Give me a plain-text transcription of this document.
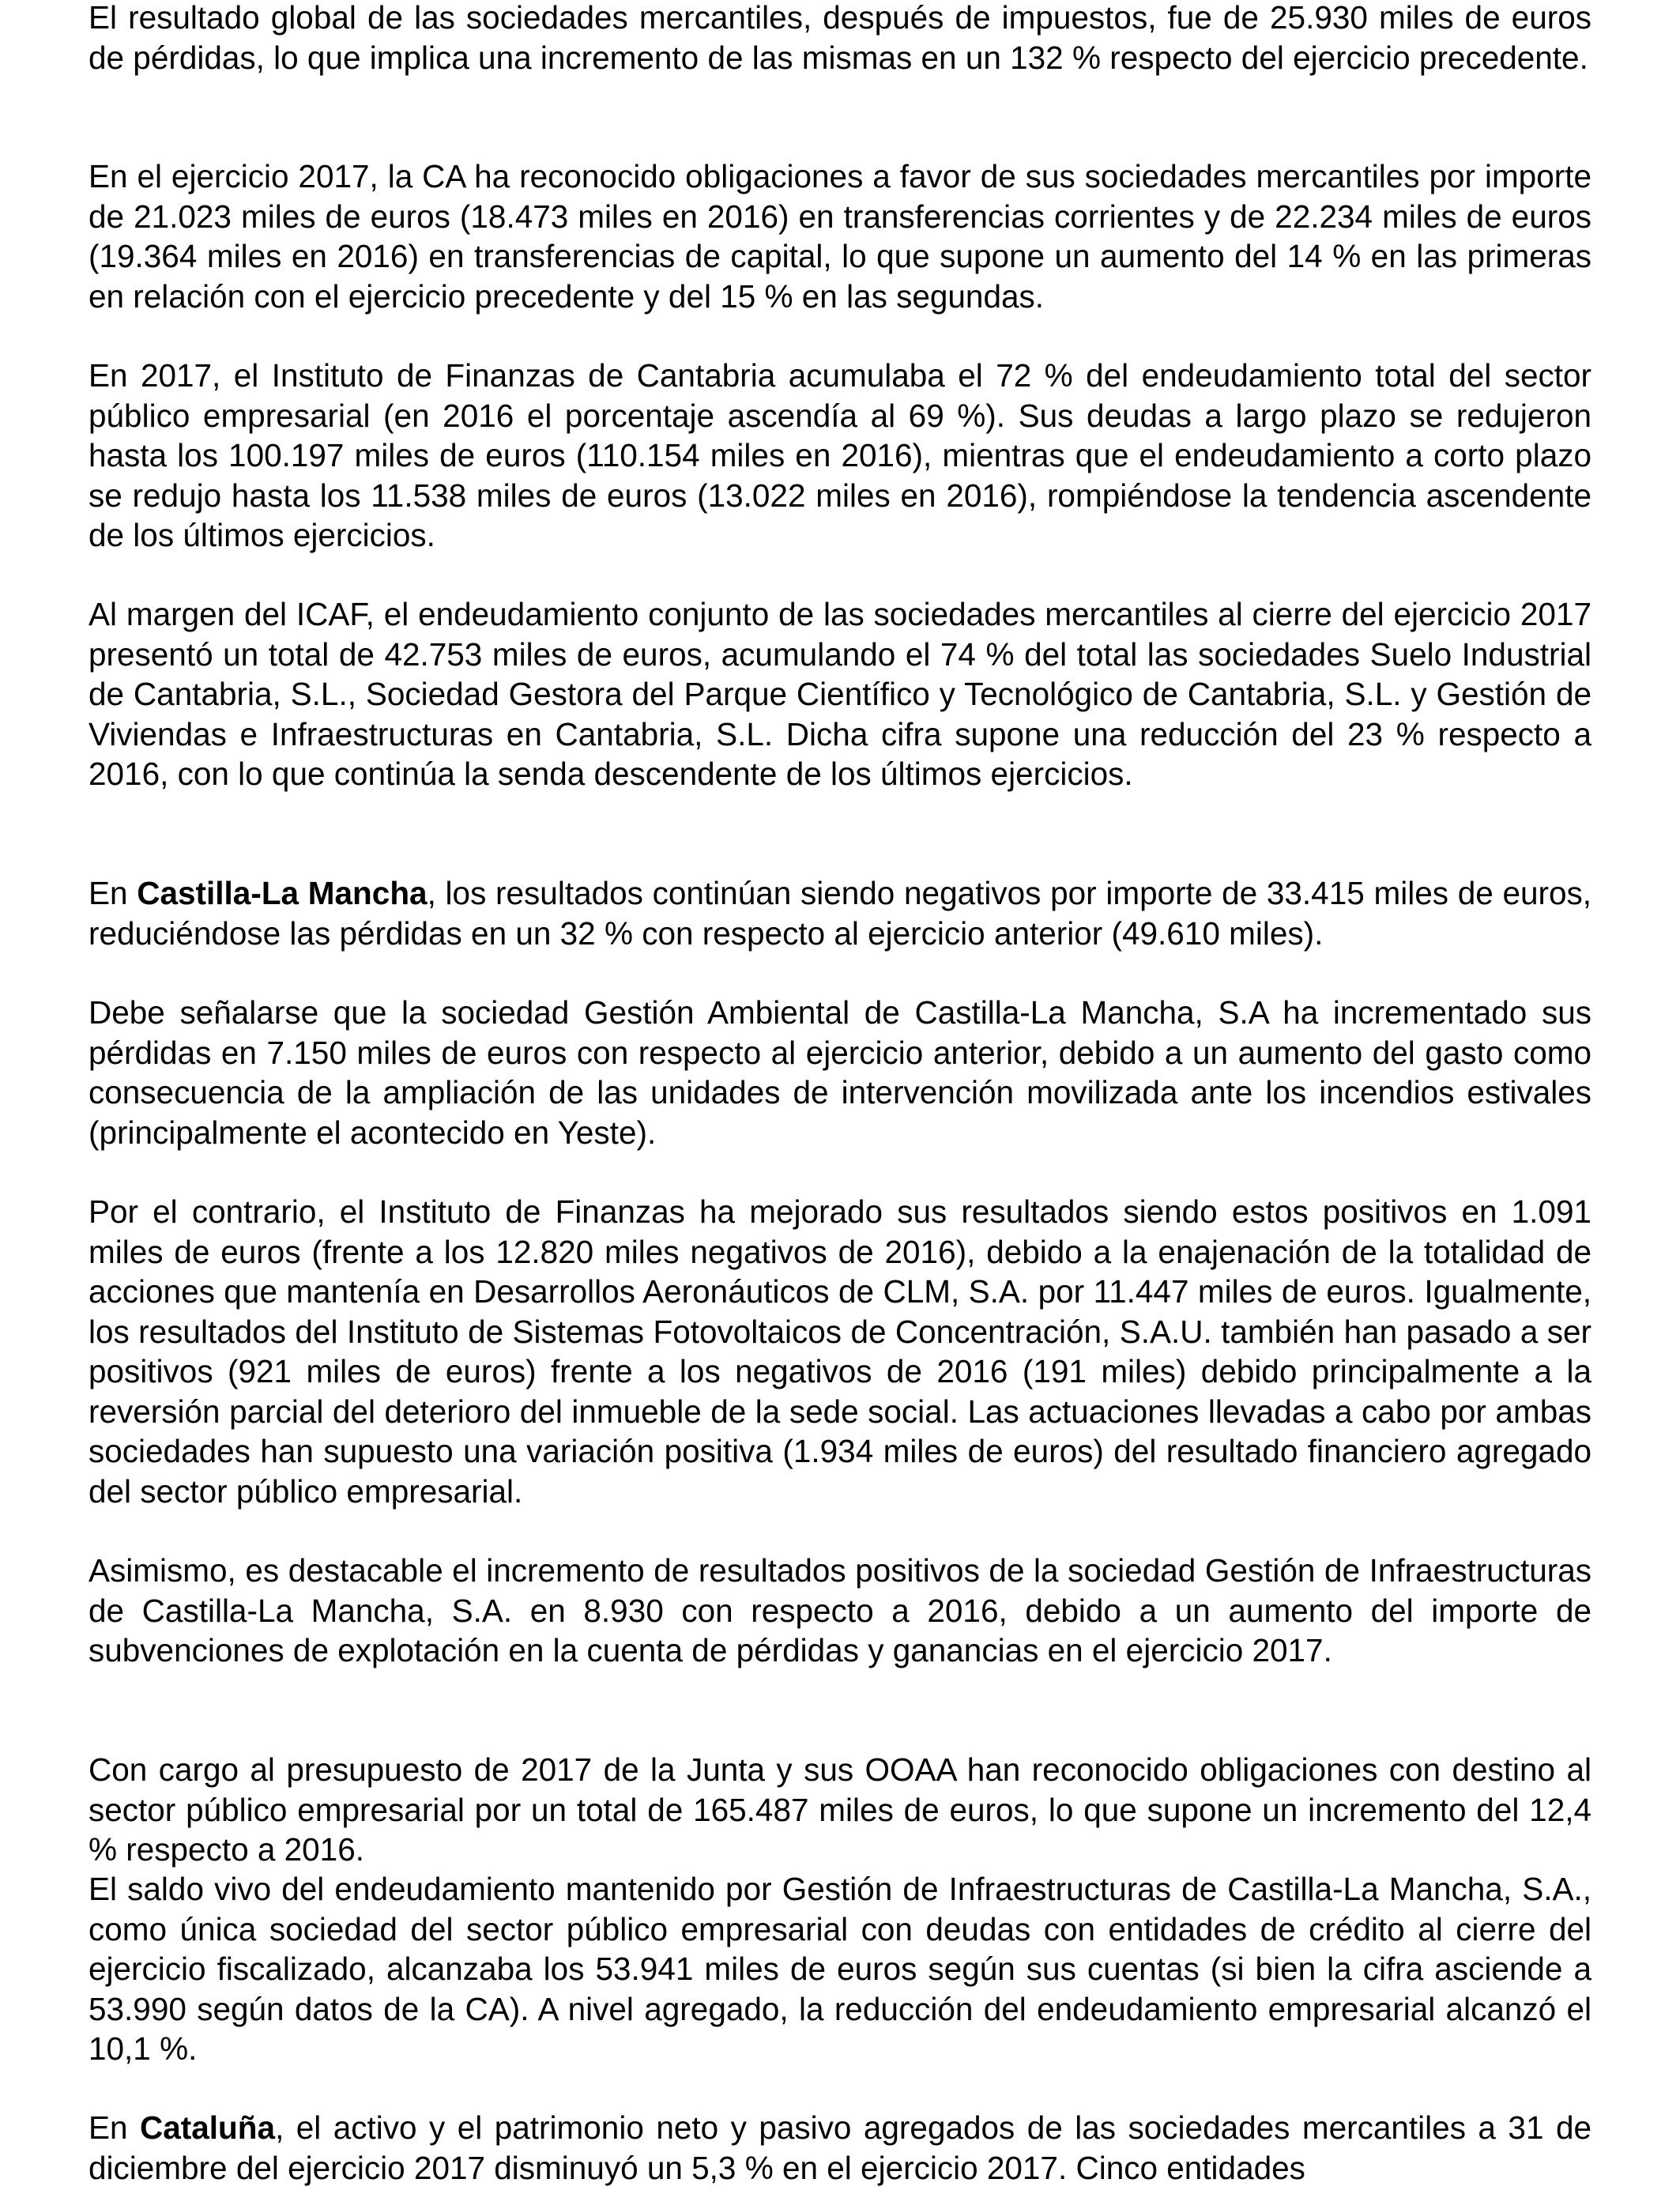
El resultado global de las sociedades mercantiles, después de impuestos, fue de 25.930 miles de euros de pérdidas, lo que implica una incremento de las mismas en un 132 % respecto del ejercicio precedente.

En el ejercicio 2017, la CA ha reconocido obligaciones a favor de sus sociedades mercantiles por importe de 21.023 miles de euros (18.473 miles en 2016) en transferencias corrientes y de 22.234 miles de euros (19.364 miles en 2016) en transferencias de capital, lo que supone un aumento del 14 % en las primeras en relación con el ejercicio precedente y del 15 % en las segundas.

En 2017, el Instituto de Finanzas de Cantabria acumulaba el 72 % del endeudamiento total del sector público empresarial (en 2016 el porcentaje ascendía al 69 %). Sus deudas a largo plazo se redujeron hasta los 100.197 miles de euros (110.154 miles en 2016), mientras que el endeudamiento a corto plazo se redujo hasta los 11.538 miles de euros (13.022 miles en 2016), rompiéndose la tendencia ascendente de los últimos ejercicios.

Al margen del ICAF, el endeudamiento conjunto de las sociedades mercantiles al cierre del ejercicio 2017 presentó un total de 42.753 miles de euros, acumulando el 74 % del total las sociedades Suelo Industrial de Cantabria, S.L., Sociedad Gestora del Parque Científico y Tecnológico de Cantabria, S.L. y Gestión de Viviendas e Infraestructuras en Cantabria, S.L. Dicha cifra supone una reducción del 23 % respecto a 2016, con lo que continúa la senda descendente de los últimos ejercicios.

En Castilla-La Mancha, los resultados continúan siendo negativos por importe de 33.415 miles de euros, reduciéndose las pérdidas en un 32 % con respecto al ejercicio anterior (49.610 miles).

Debe señalarse que la sociedad Gestión Ambiental de Castilla-La Mancha, S.A ha incrementado sus pérdidas en 7.150 miles de euros con respecto al ejercicio anterior, debido a un aumento del gasto como consecuencia de la ampliación de las unidades de intervención movilizada ante los incendios estivales (principalmente el acontecido en Yeste).

Por el contrario, el Instituto de Finanzas ha mejorado sus resultados siendo estos positivos en 1.091 miles de euros (frente a los 12.820 miles negativos de 2016), debido a la enajenación de la totalidad de acciones que mantenía en Desarrollos Aeronáuticos de CLM, S.A. por 11.447 miles de euros. Igualmente, los resultados del Instituto de Sistemas Fotovoltaicos de Concentración, S.A.U. también han pasado a ser positivos (921 miles de euros) frente a los negativos de 2016 (191 miles) debido principalmente a la reversión parcial del deterioro del inmueble de la sede social. Las actuaciones llevadas a cabo por ambas sociedades han supuesto una variación positiva (1.934 miles de euros) del resultado financiero agregado del sector público empresarial.

Asimismo, es destacable el incremento de resultados positivos de la sociedad Gestión de Infraestructuras de Castilla-La Mancha, S.A. en 8.930 con respecto a 2016, debido a un aumento del importe de subvenciones de explotación en la cuenta de pérdidas y ganancias en el ejercicio 2017.

Con cargo al presupuesto de 2017 de la Junta y sus OOAA han reconocido obligaciones con destino al sector público empresarial por un total de 165.487 miles de euros, lo que supone un incremento del 12,4 % respecto a 2016.

El saldo vivo del endeudamiento mantenido por Gestión de Infraestructuras de Castilla-La Mancha, S.A., como única sociedad del sector público empresarial con deudas con entidades de crédito al cierre del ejercicio fiscalizado, alcanzaba los 53.941 miles de euros según sus cuentas (si bien la cifra asciende a 53.990 según datos de la CA). A nivel agregado, la reducción del endeudamiento empresarial alcanzó el 10,1 %.

En Cataluña, el activo y el patrimonio neto y pasivo agregados de las sociedades mercantiles a 31 de diciembre del ejercicio 2017 disminuyó un 5,3 % en el ejercicio 2017. Cinco entidades
